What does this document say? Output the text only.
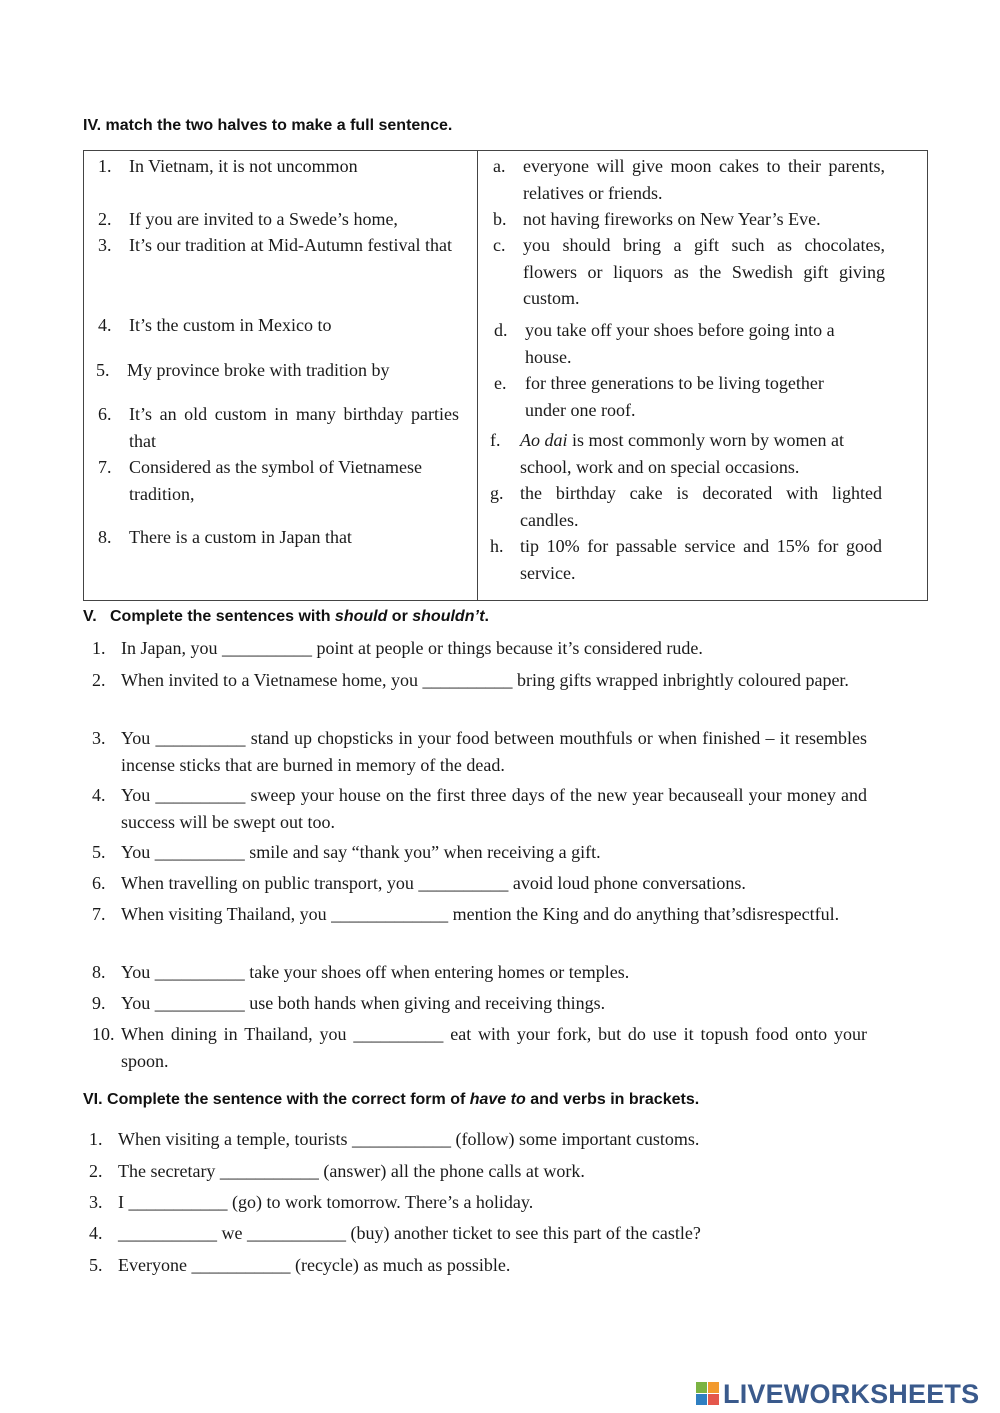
IV. match the two halves to make a full sentence.
1. In Vietnam, it is not uncommon
2. If you are invited to a Swede’s home,
3. It’s our tradition at Mid-Autumn festival that
4. It’s the custom in Mexico to
5. My province broke with tradition by
6. It’s an old custom in many birthday parties that
7. Considered as the symbol of Vietnamese tradition,
8. There is a custom in Japan that
a. everyone will give moon cakes to their parents, relatives or friends.
b. not having fireworks on New Year’s Eve.
c. you should bring a gift such as chocolates, flowers or liquors as the Swedish gift giving custom.
d. you take off your shoes before going into a house.
e. for three generations to be living together under one roof.
f. Ao dai is most commonly worn by women at school, work and on special occasions.
g. the birthday cake is decorated with lighted candles.
h. tip 10% for passable service and 15% for good service.
V.   Complete the sentences with should or shouldn’t.
1. In Japan, you __________ point at people or things because it’s considered rude.
2. When invited to a Vietnamese home, you __________ bring gifts wrapped inbrightly coloured paper.
3. You __________ stand up chopsticks in your food between mouthfuls or when finished – it resembles incense sticks that are burned in memory of the dead.
4. You __________ sweep your house on the first three days of the new year becauseall your money and success will be swept out too.
5. You __________ smile and say “thank you” when receiving a gift.
6. When travelling on public transport, you __________ avoid loud phone conversations.
7. When visiting Thailand, you _____________ mention the King and do anything that’sdisrespectful.
8. You __________ take your shoes off when entering homes or temples.
9. You __________ use both hands when giving and receiving things.
10. When dining in Thailand, you __________ eat with your fork, but do use it topush food onto your spoon.
VI. Complete the sentence with the correct form of have to and verbs in brackets.
1. When visiting a temple, tourists ___________ (follow) some important customs.
2. The secretary ___________ (answer) all the phone calls at work.
3. I ___________ (go) to work tomorrow. There’s a holiday.
4. ___________ we ___________ (buy) another ticket to see this part of the castle?
5. Everyone ___________ (recycle) as much as possible.
LIVEWORKSHEETS
